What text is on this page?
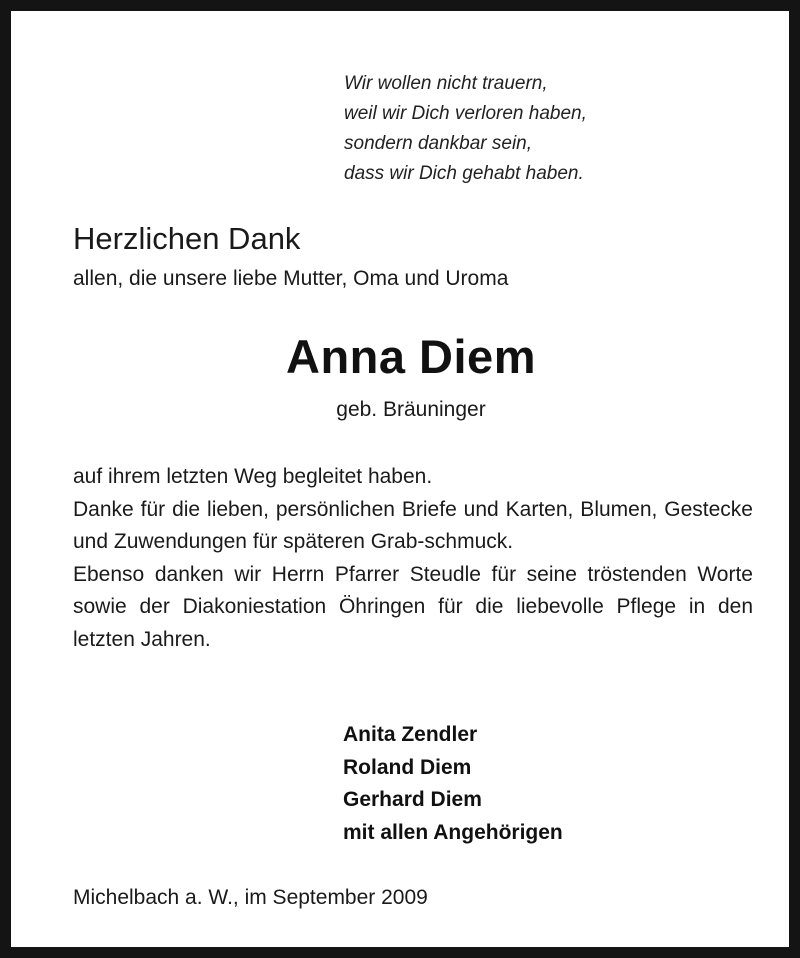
Wir wollen nicht trauern,
weil wir Dich verloren haben,
sondern dankbar sein,
dass wir Dich gehabt haben.
Herzlichen Dank
allen, die unsere liebe Mutter, Oma und Uroma
Anna Diem
geb. Bräuninger
auf ihrem letzten Weg begleitet haben.
Danke für die lieben, persönlichen Briefe und Karten, Blumen, Gestecke und Zuwendungen für späteren Grab-schmuck.
Ebenso danken wir Herrn Pfarrer Steudle für seine tröstenden Worte sowie der Diakoniestation Öhringen für die liebevolle Pflege in den letzten Jahren.
Anita Zendler
Roland Diem
Gerhard Diem
mit allen Angehörigen
Michelbach a. W., im September 2009
